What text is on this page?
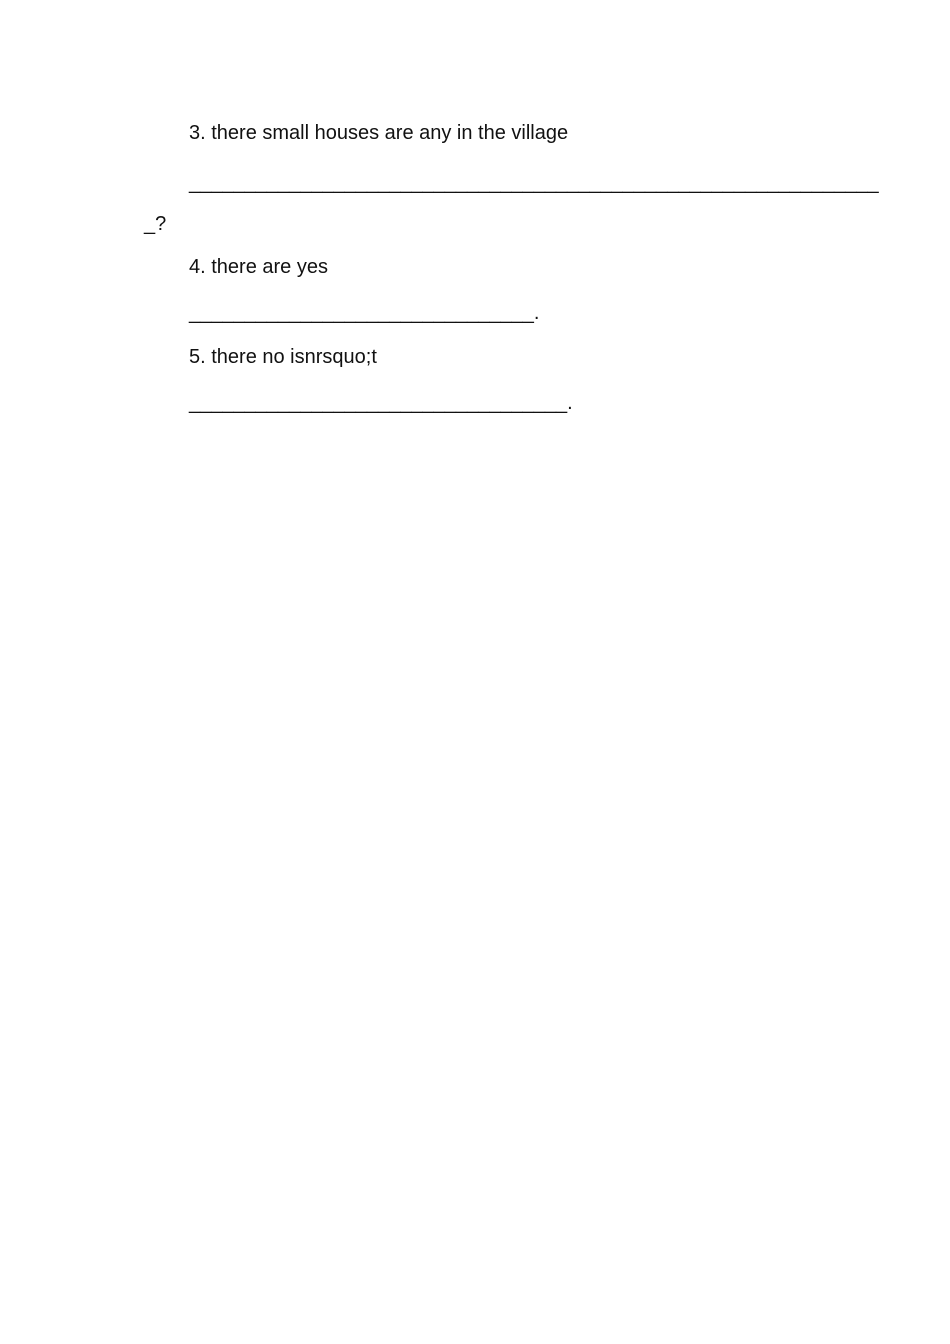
3. there small houses are any in the village
______________________________________________________________
_?
4. there are yes
_______________________________.
5. there no isnrsquo;t
__________________________________.
